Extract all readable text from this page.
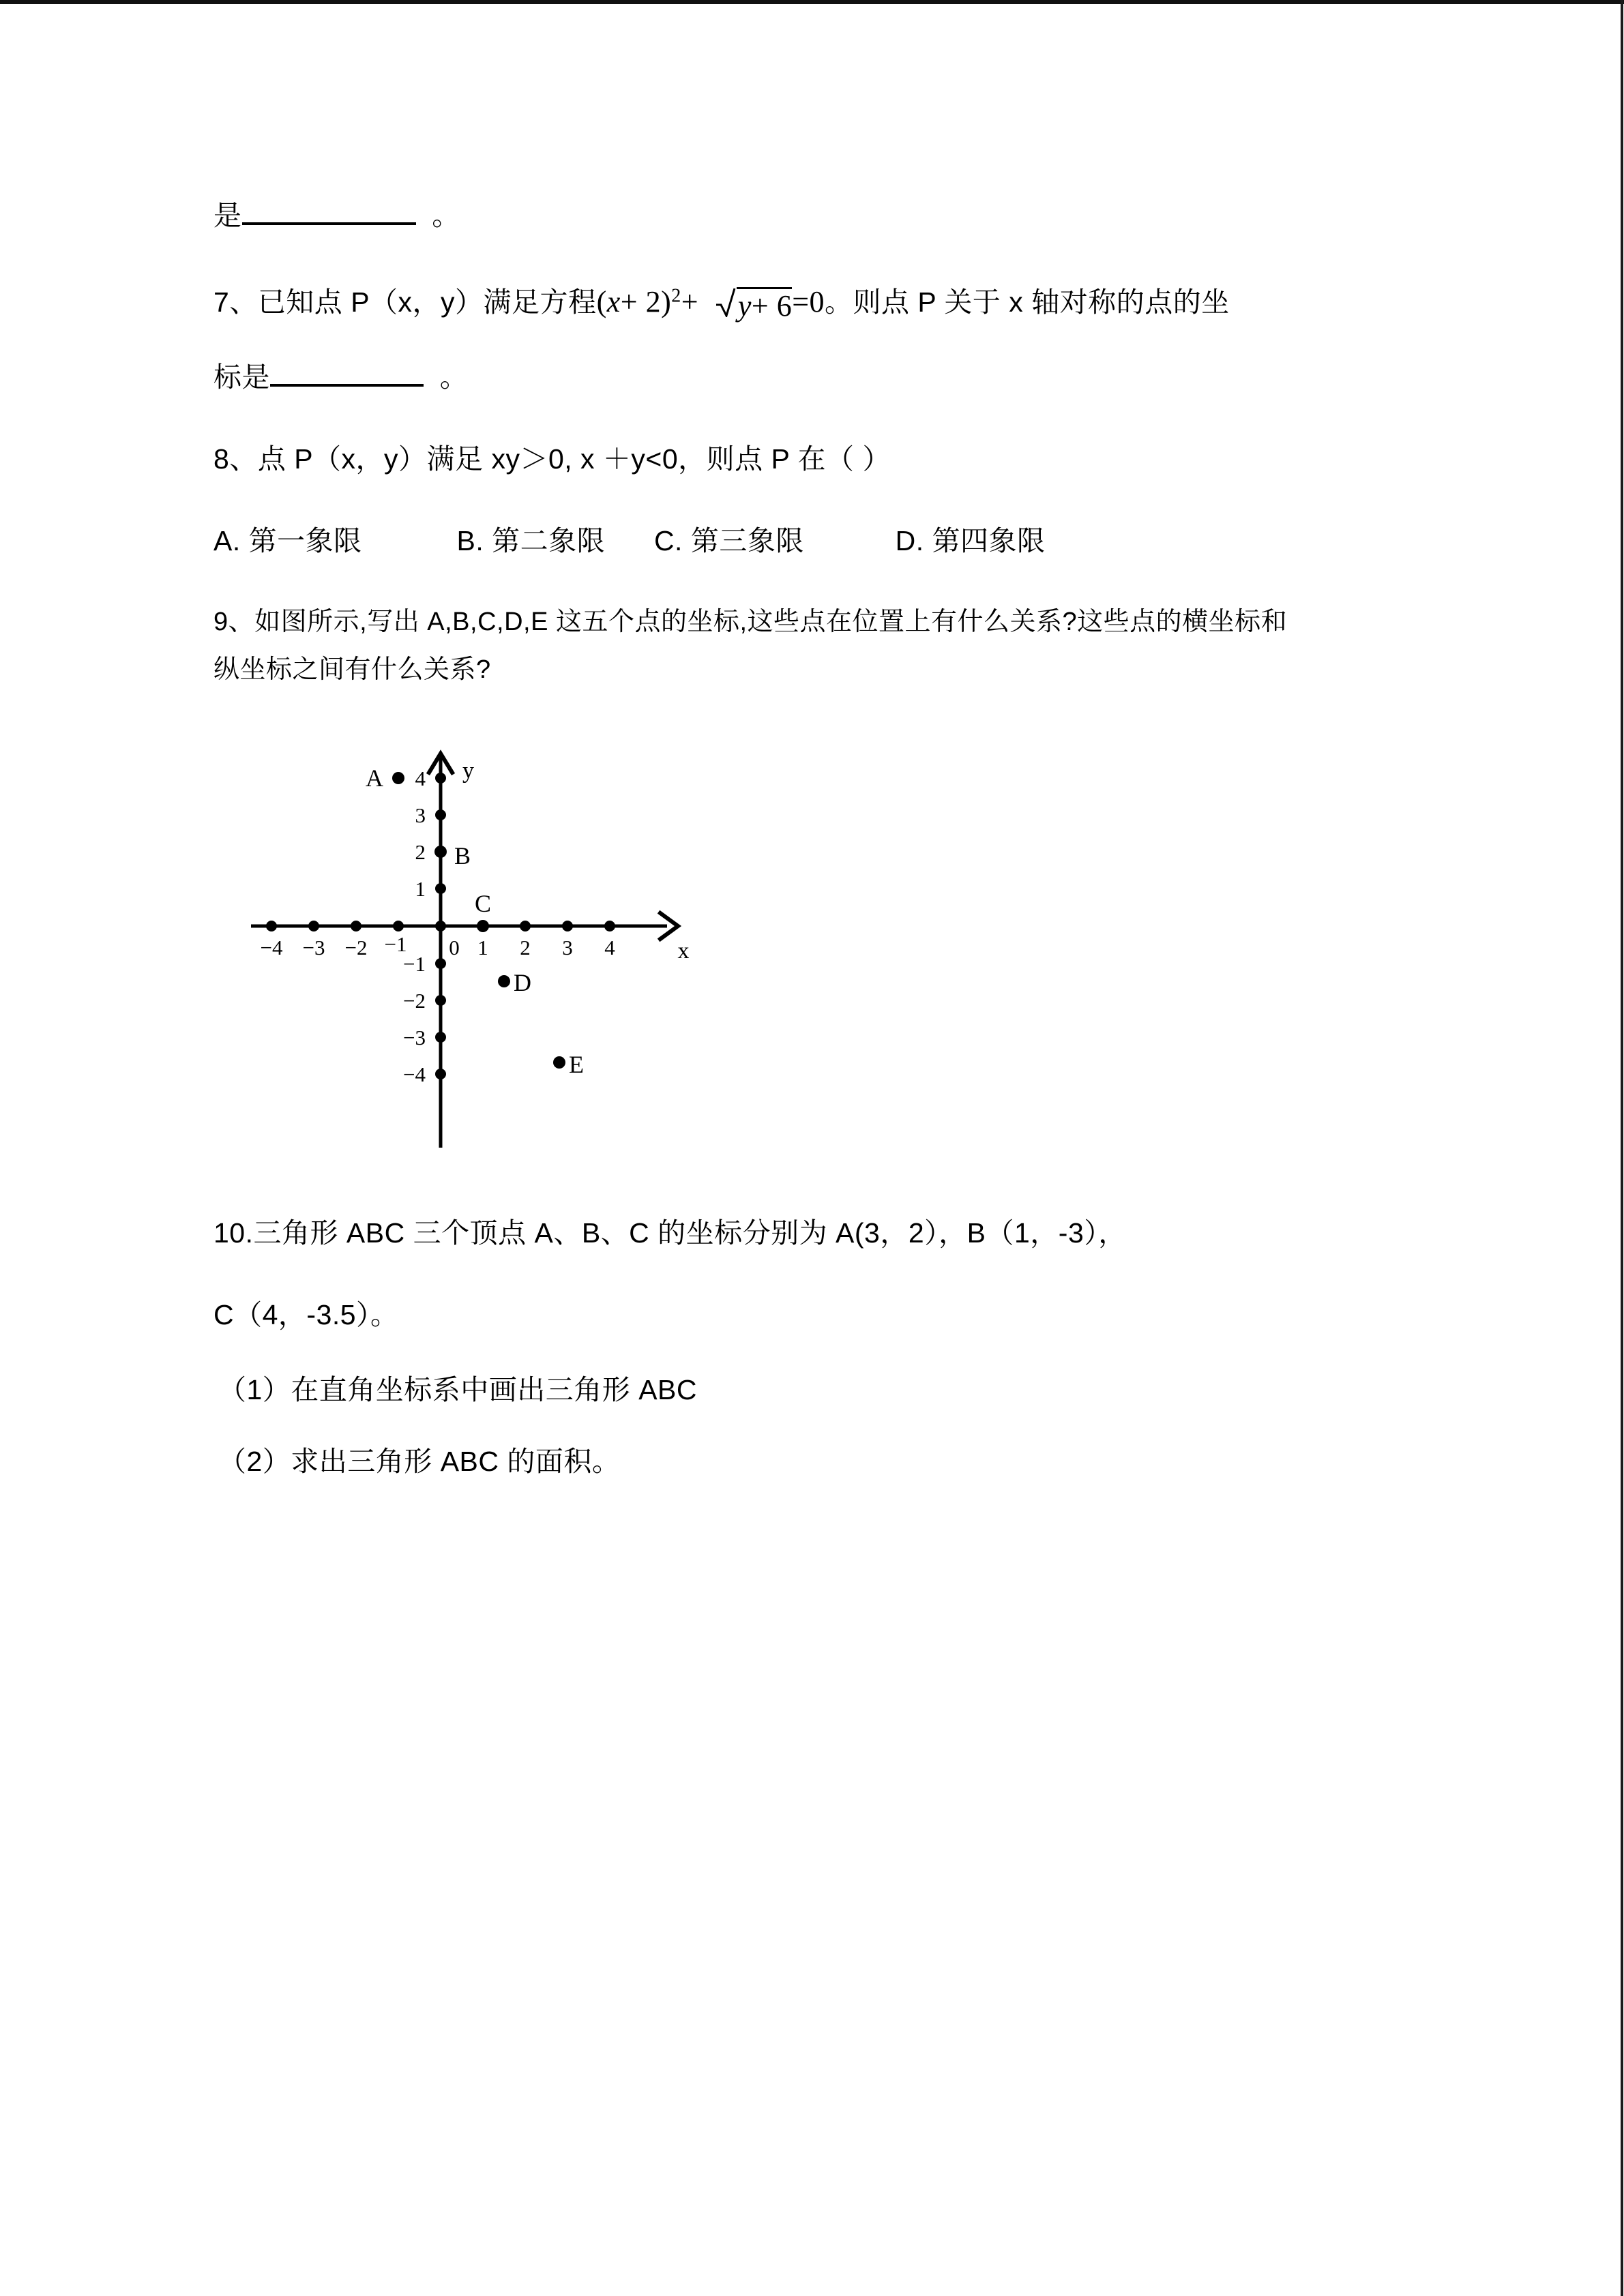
是	。
7、已知点 P（x，y）满足方程$(x+ 2)^2+ y+ 6=0$。则点 P 关于 x 轴对称的点的坐
标是	。
8、点 P（x，y）满足 xy＞0, x ＋y<0，则点 P 在（ ）
A. 第一象限	B. 第二象限 C. 第三象限	D. 第四象限
9、如图所示,写出 A,B,C,D,E 这五个点的坐标,这些点在位置上有什么关系?这些点的横坐标和
纵坐标之间有什么关系?
−4 −3 −2 −1 0 1 2 3 4
4
3
2
1
−1
−2
−3
−4
x
y
A
B
C
D
E
10.三角形 ABC 三个顶点 A、B、C 的坐标分别为 A(3，2），B（1，-3），
C（4，-3.5）。
（1）在直角坐标系中画出三角形 ABC
（2）求出三角形 ABC 的面积。
